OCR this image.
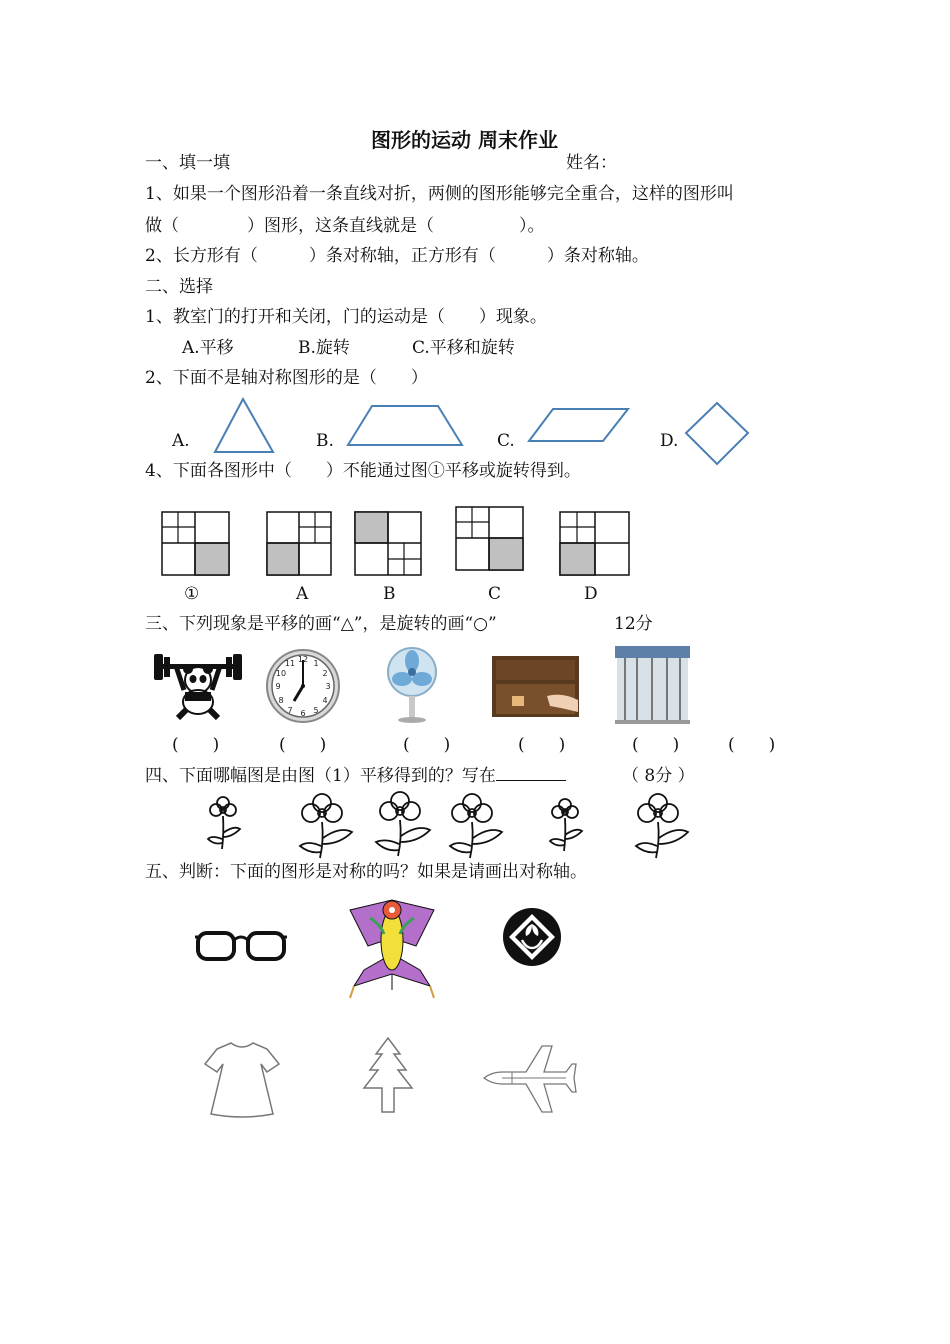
图形的运动 周末作业
一、填一填	姓名：
1、如果一个图形沿着一条直线对折，两侧的图形能够完全重合，这样的图形叫
做（　　　　）图形，这条直线就是（　　　　　）。
2、长方形有（　　　）条对称轴，正方形有（　　　）条对称轴。
二、选择
1、教室门的打开和关闭，门的运动是（　　）现象。
A.平移	B.旋转	C.平移和旋转
2、下面不是轴对称图形的是（　　）
A.	B.	C.	D.
4、下面各图形中（　　）不能通过图①平移或旋转得到。
①	A	B	C	D
三、下列现象是平移的画“△”，是旋转的画“○”	12分
12
6
9	3
1
2
4
5
7
8
10
11
(　　)	(　　)	(　　)	(　　)	(　　)	(　　)
四、下面哪幅图是由图（1）平移得到的？写在	（ 8分 ）
五、判断：下面的图形是对称的吗？如果是请画出对称轴。
